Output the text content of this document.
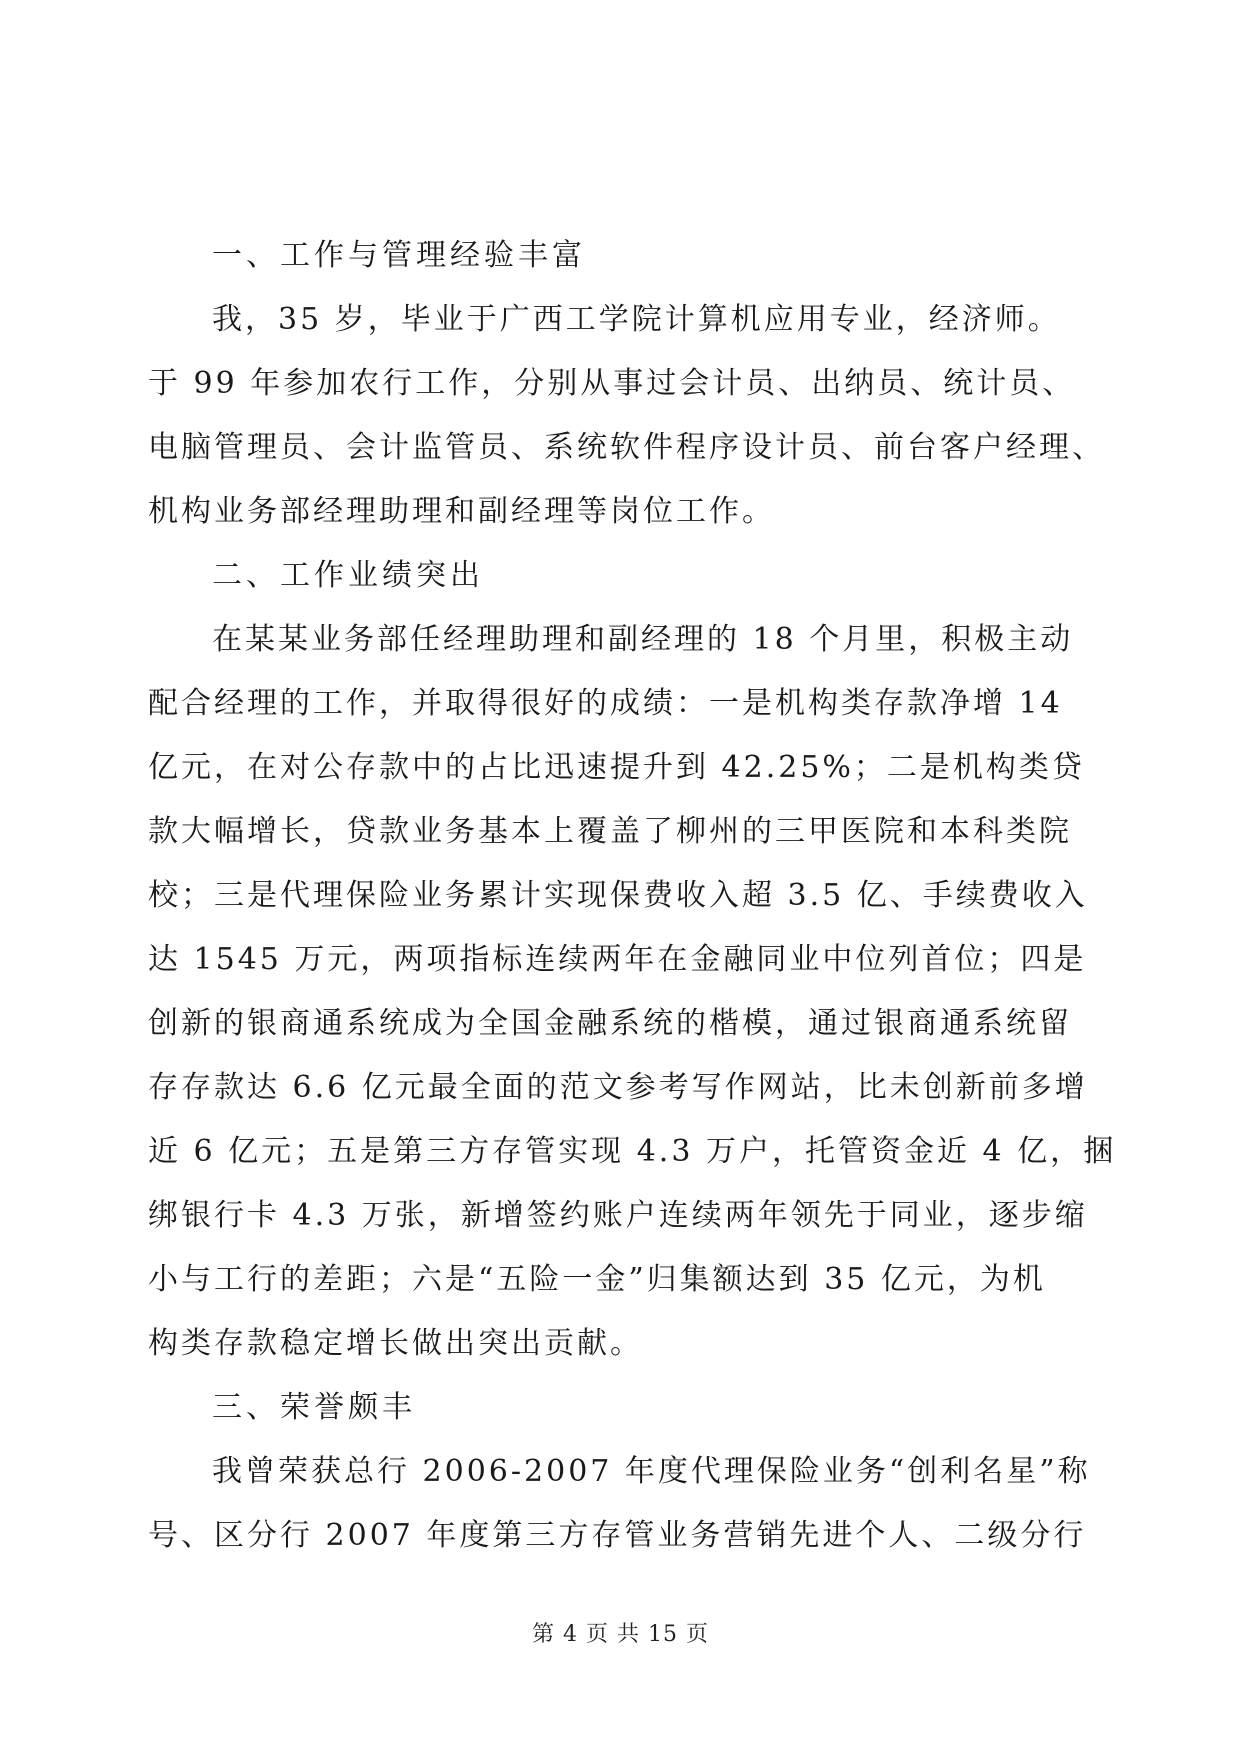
一、工作与管理经验丰富

我，35 岁，毕业于广西工学院计算机应用专业，经济师。

于 99 年参加农行工作，分别从事过会计员、出纳员、统计员、

电脑管理员、会计监管员、系统软件程序设计员、前台客户经理、

机构业务部经理助理和副经理等岗位工作。

二、工作业绩突出

在某某业务部任经理助理和副经理的 18 个月里，积极主动

配合经理的工作，并取得很好的成绩：一是机构类存款净增 14

亿元，在对公存款中的占比迅速提升到 42.25%；二是机构类贷

款大幅增长，贷款业务基本上覆盖了柳州的三甲医院和本科类院

校；三是代理保险业务累计实现保费收入超 3.5 亿、手续费收入

达 1545 万元，两项指标连续两年在金融同业中位列首位；四是

创新的银商通系统成为全国金融系统的楷模，通过银商通系统留

存存款达 6.6 亿元最全面的范文参考写作网站，比未创新前多增

近 6 亿元；五是第三方存管实现 4.3 万户，托管资金近 4 亿，捆

绑银行卡 4.3 万张，新增签约账户连续两年领先于同业，逐步缩

小与工行的差距；六是“五险一金”归集额达到 35 亿元，为机

构类存款稳定增长做出突出贡献。

三、荣誉颇丰

我曾荣获总行 2006-2007 年度代理保险业务“创利名星”称

号、区分行 2007 年度第三方存管业务营销先进个人、二级分行

第 4 页 共 15 页
